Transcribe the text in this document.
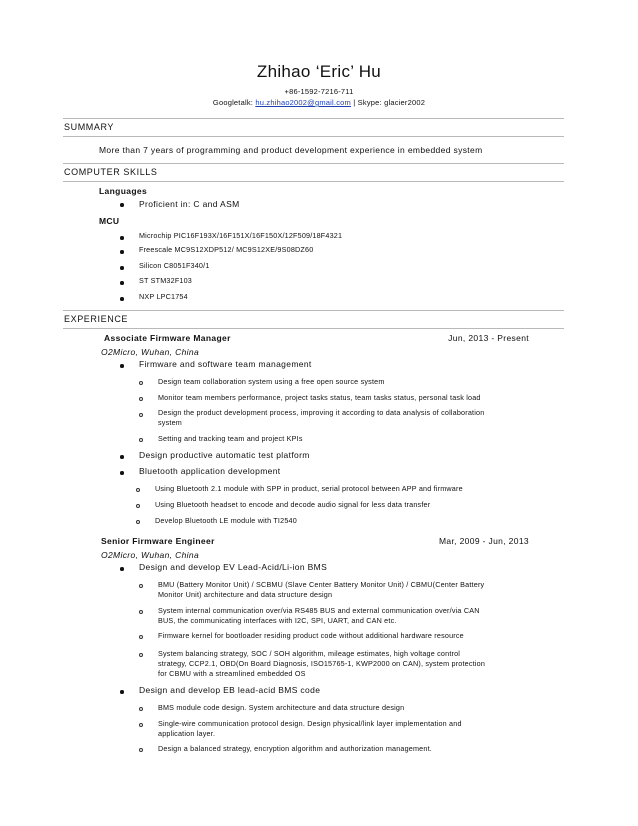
Zhihao ‘Eric’ Hu
+86-1592-7216-711
Googletalk: hu.zhihao2002@gmail.com | Skype: glacier2002
SUMMARY
More than 7 years of programming and product development experience in embedded system
COMPUTER SKILLS
Languages
Proficient in: C and ASM
MCU
Microchip PIC16F193X/16F151X/16F150X/12F509/18F4321
Freescale MC9S12XDP512/ MC9S12XE/9S08DZ60
Silicon C8051F340/1
ST STM32F103
NXP LPC1754
EXPERIENCE
Associate Firmware Manager	Jun, 2013 - Present
O2Micro, Wuhan, China
Firmware and software team management
Design team collaboration system using a free open source system
Monitor team members performance, project tasks status, team tasks status, personal task load
Design the product development process, improving it according to data analysis of collaboration
system
Setting and tracking team and project KPIs
Design productive automatic test platform
Bluetooth application development
Using Bluetooth 2.1 module with SPP in product, serial protocol between APP and firmware
Using Bluetooth headset to encode and decode audio signal for less data transfer
Develop Bluetooth LE module with TI2540
Senior Firmware Engineer	Mar, 2009 - Jun, 2013
O2Micro, Wuhan, China
Design and develop EV Lead-Acid/Li-ion BMS
BMU (Battery Monitor Unit) / SCBMU (Slave Center Battery Monitor Unit) / CBMU(Center Battery
Monitor Unit) architecture and data structure design
System internal communication over/via RS485 BUS and external communication over/via CAN
BUS, the communicating interfaces with I2C, SPI, UART, and CAN etc.
Firmware kernel for bootloader residing product code without additional hardware resource
System balancing strategy, SOC / SOH algorithm, mileage estimates, high voltage control
strategy, CCP2.1, OBD(On Board Diagnosis, ISO15765-1, KWP2000 on CAN), system protection
for CBMU with a streamlined embedded OS
Design and develop EB lead-acid BMS code
BMS module code design. System architecture and data structure design
Single-wire communication protocol design. Design physical/link layer implementation and
application layer.
Design a balanced strategy, encryption algorithm and authorization management.
